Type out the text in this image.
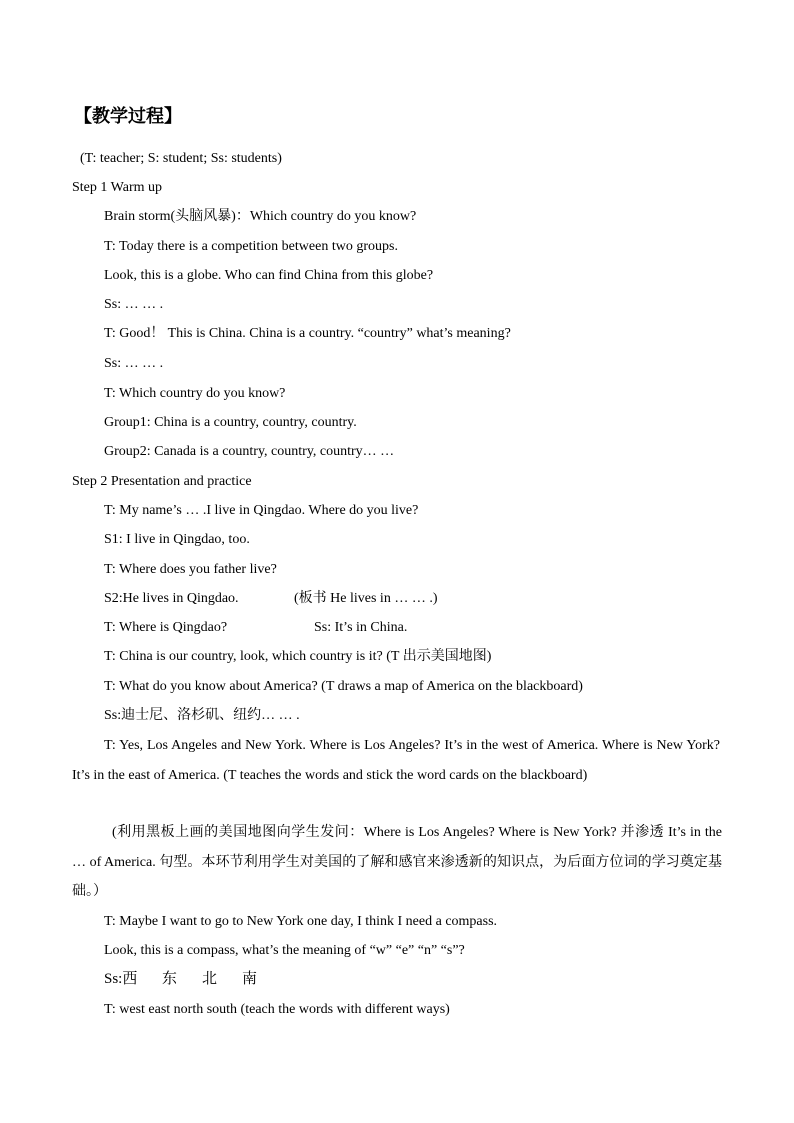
【教学过程】
(T: teacher; S: student; Ss: students)
Step 1 Warm up
Brain storm(头脑风暴)：Which country do you know?
T: Today there is a competition between two groups.
Look, this is a globe. Who can find China from this globe?
Ss: … … .
T: Good！ This is China. China is a country. “country” what’s meaning?
Ss: … … .
T: Which country do you know?
Group1: China is a country, country, country.
Group2: Canada is a country, country, country… …
Step 2 Presentation and practice
T: My name’s … .I live in Qingdao. Where do you live?
S1: I live in Qingdao, too.
T: Where does you father live?
S2:He lives in Qingdao.	(板书 He lives in … … .)
T: Where is Qingdao?	Ss: It’s in China.
T: China is our country, look, which country is it? (T 出示美国地图)
T: What do you know about America? (T draws a map of America on the blackboard)
Ss:迪士尼、洛杉矶、纽约… … .
T: Yes, Los Angeles and New York. Where is Los Angeles? It’s in the west of America. Where is New York? It’s in the east of America. (T teaches the words and stick the word cards on the blackboard)
(利用黑板上画的美国地图向学生发问：Where is Los Angeles? Where is New York? 并渗透 It’s in the … of America. 句型。本环节利用学生对美国的了解和感官来渗透新的知识点，为后面方位词的学习奠定基础。）
T: Maybe I want to go to New York one day, I think I need a compass.
Look, this is a compass, what’s the meaning of “w” “e” “n” “s”?
Ss:西 东 北 南
T: west east north south (teach the words with different ways)
